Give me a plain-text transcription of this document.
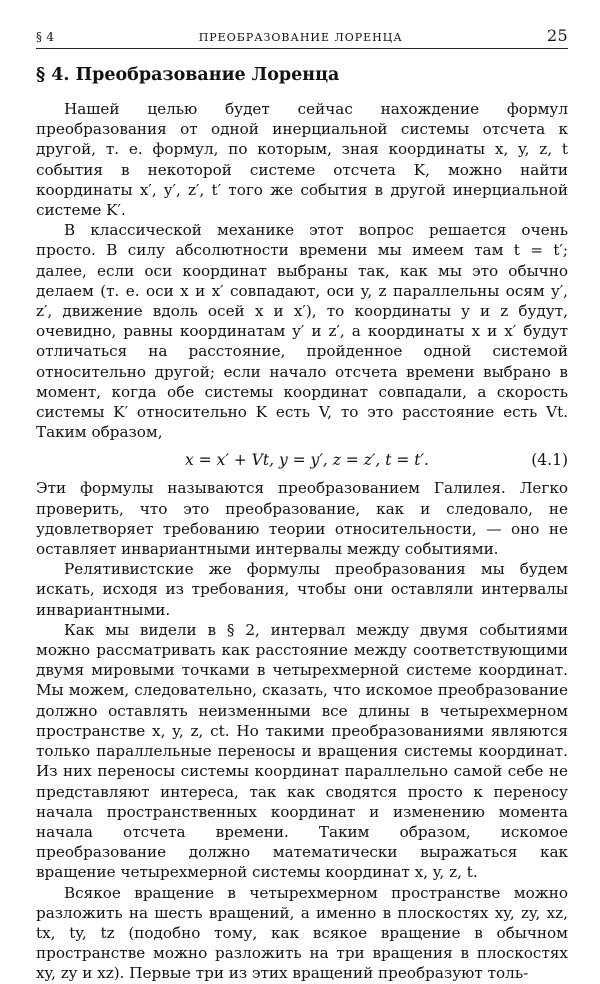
§ 4	ПРЕОБРАЗОВАНИЕ ЛОРЕНЦА	25
§ 4. Преобразование Лоренца

Нашей целью будет сейчас нахождение формул преобразования от одной инерциальной системы отсчета к другой, т. е. формул, по которым, зная координаты x, y, z, t события в некоторой системе отсчета K, можно найти координаты x′, y′, z′, t′ того же события в другой инерциальной системе K′.

В классической механике этот вопрос решается очень просто. В силу абсолютности времени мы имеем там t = t′; далее, если оси координат выбраны так, как мы это обычно делаем (т. е. оси x и x′ совпадают, оси y, z параллельны осям y′, z′, движение вдоль осей x и x′), то координаты y и z будут, очевидно, равны координатам y′ и z′, а координаты x и x′ будут отличаться на расстояние, пройденное одной системой относительно другой; если начало отсчета времени выбрано в момент, когда обе системы координат совпадали, а скорость системы K′ относительно K есть V, то это расстояние есть Vt. Таким образом,

x = x′ + Vt, y = y′, z = z′, t = t′.	(4.1)

Эти формулы называются преобразованием Галилея. Легко проверить, что это преобразование, как и следовало, не удовлетворяет требованию теории относительности, — оно не оставляет инвариантными интервалы между событиями.

Релятивистские же формулы преобразования мы будем искать, исходя из требования, чтобы они оставляли интервалы инвариантными.

Как мы видели в § 2, интервал между двумя событиями можно рассматривать как расстояние между соответствующими двумя мировыми точками в четырехмерной системе координат. Мы можем, следовательно, сказать, что искомое преобразование должно оставлять неизменными все длины в четырехмерном пространстве x, y, z, ct. Но такими преобразованиями являются только параллельные переносы и вращения системы координат. Из них переносы системы координат параллельно самой себе не представляют интереса, так как сводятся просто к переносу начала пространственных координат и изменению момента начала отсчета времени. Таким образом, искомое преобразование должно математически выражаться как вращение четырехмерной системы координат x, y, z, t.

Всякое вращение в четырехмерном пространстве можно разложить на шесть вращений, а именно в плоскостях xy, zy, xz, tx, ty, tz (подобно тому, как всякое вращение в обычном пространстве можно разложить на три вращения в плоскостях xy, zy и xz). Первые три из этих вращений преобразуют толь-
